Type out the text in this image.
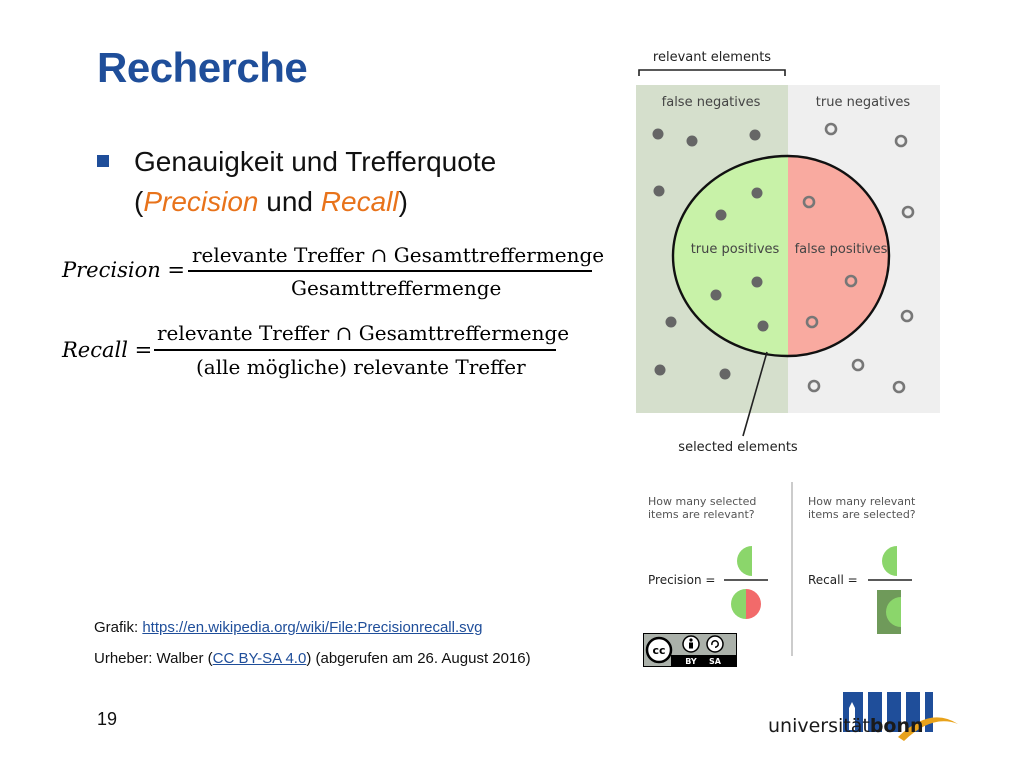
Recherche
Genauigkeit und Trefferquote
(Precision und Recall)
Precision =
relevante Treffer ∩ Gesamttreffermenge
Gesamttreffermenge
Recall =
relevante Treffer ∩ Gesamttreffermenge
(alle mögliche) relevante Treffer
relevant elements
false negatives	true negatives
true positives false positives
selected elements
How many selected
items are relevant?
How many relevant
items are selected?
Precision =	Recall =
Grafik: https://en.wikipedia.org/wiki/File:Precisionrecall.svg
Urheber: Walber (CC BY-SA 4.0) (abgerufen am 26. August 2016)	cc
BY SA
19	universitätbonn
